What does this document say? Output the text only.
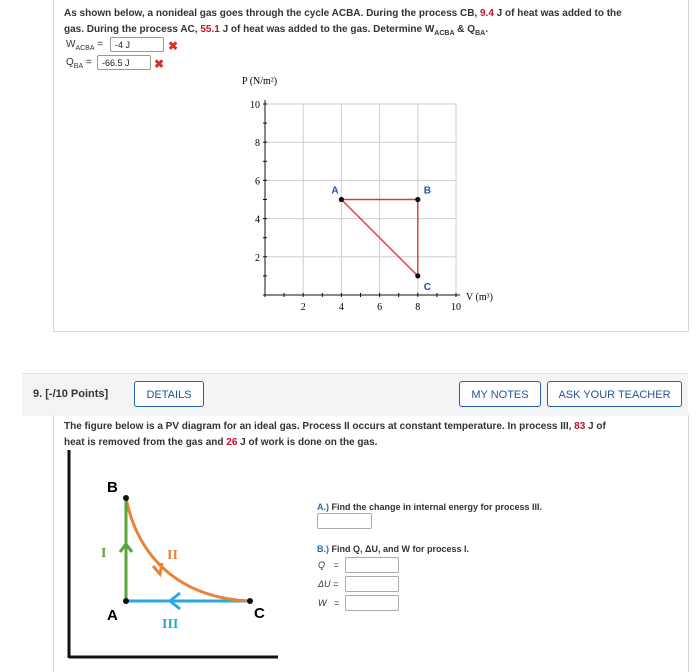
As shown below, a nonideal gas goes through the cycle ACBA. During the process CB, 9.4 J of heat was added to the
gas. During the process AC, 55.1 J of heat was added to the gas. Determine $W_{ACBA}$ & $Q_{BA}$.
$W_{ACBA}$ =	-4 J	✖
$Q_{BA}$ =	-66.5 J	✖
2	4	6	8	10
2
4
6
8
10
A	B
C
P (N/m²)
V (m³)
9. [-/10 Points]	DETAILS	MY NOTES	ASK YOUR TEACHER
The figure below is a PV diagram for an ideal gas. Process II occurs at constant temperature. In process III, 83 J of
heat is removed from the gas and 26 J of work is done on the gas.
B
A	C
I	II
III
A.) Find the change in internal energy for process III.
B.) Find Q, ΔU, and W for process I.
Q =
ΔU =
W =
